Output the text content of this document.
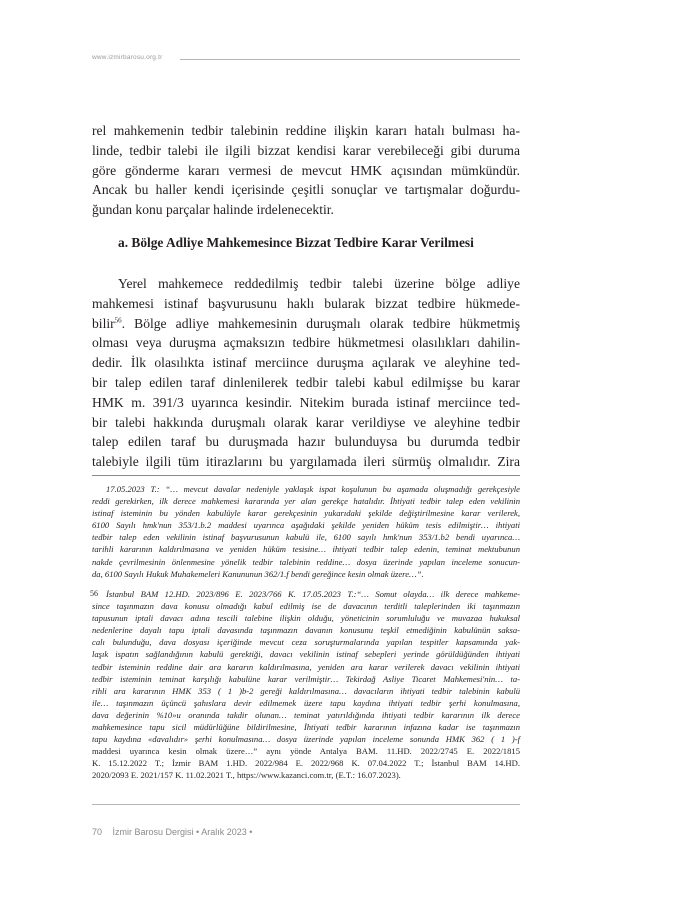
www.izmirbarosu.org.tr
rel mahkemenin tedbir talebinin reddine ilişkin kararı hatalı bulması ha-
linde, tedbir talebi ile ilgili bizzat kendisi karar verebileceği gibi duruma
göre gönderme kararı vermesi de mevcut HMK açısından mümkündür.
Ancak bu haller kendi içerisinde çeşitli sonuçlar ve tartışmalar doğurdu-
ğundan konu parçalar halinde irdelenecektir.
a. Bölge Adliye Mahkemesince Bizzat Tedbire Karar Verilmesi
Yerel mahkemece reddedilmiş tedbir talebi üzerine bölge adliye
mahkemesi istinaf başvurusunu haklı bularak bizzat tedbire hükmede-
bilir$^{56}$. Bölge adliye mahkemesinin duruşmalı olarak tedbire hükmetmiş
olması veya duruşma açmaksızın tedbire hükmetmesi olasılıkları dahilin-
dedir. İlk olasılıkta istinaf merciince duruşma açılarak ve aleyhine ted-
bir talep edilen taraf dinlenilerek tedbir talebi kabul edilmişse bu karar
HMK m. 391/3 uyarınca kesindir. Nitekim burada istinaf merciince ted-
bir talebi hakkında duruşmalı olarak karar verildiyse ve aleyhine tedbir
talep edilen taraf bu duruşmada hazır bulunduysa bu durumda tedbir
talebiyle ilgili tüm itirazlarını bu yargılamada ileri sürmüş olmalıdır. Zira
17.05.2023 T.: “… mevcut davalar nedeniyle yaklaşık ispat koşulunun bu aşamada oluşmadığı gerekçesiyle
reddi gerekirken, ilk derece mahkemesi kararında yer alan gerekçe hatalıdır. İhtiyati tedbir talep eden vekilinin
istinaf isteminin bu yönden kabulüyle karar gerekçesinin yukarıdaki şekilde değiştirilmesine karar verilerek,
6100 Sayılı hmk'nun 353/1.b.2 maddesi uyarınca aşağıdaki şekilde yeniden hüküm tesis edilmiştir… ihtiyati
tedbir talep eden vekilinin istinaf başvurusunun kabulü ile, 6100 sayılı hmk'nun 353/1.b2 bendi uyarınca…
tarihli kararının kaldırılmasına ve yeniden hüküm tesisine… ihtiyati tedbir talep edenin, teminat mektubunun
nakde çevrilmesinin önlenmesine yönelik tedbir talebinin reddine… dosya üzerinde yapılan inceleme sonucun-
da, 6100 Sayılı Hukuk Muhakemeleri Kanununun 362/1.f bendi gereğince kesin olmak üzere…”.
56 İstanbul BAM 12.HD. 2023/896 E. 2023/766 K. 17.05.2023 T.:“… Somut olayda… ilk derece mahkeme-
since taşınmazın dava konusu olmadığı kabul edilmiş ise de davacının terditli taleplerinden iki taşınmazın
tapusunun iptali davacı adına tescili talebine ilişkin olduğu, yöneticinin sorumluluğu ve muvazaa hukuksal
nedenlerine dayalı tapu iptali davasında taşınmazın davanın konusunu teşkil etmediğinin kabulünün saksa-
calı bulunduğu, dava dosyası içeriğinde mevcut ceza soruşturmalarında yapılan tespitler kapsamında yak-
laşık ispatın sağlandığının kabulü gerektiği, davacı vekilinin istinaf sebepleri yerinde görüldüğünden ihtiyati
tedbir isteminin reddine dair ara kararın kaldırılmasına, yeniden ara karar verilerek davacı vekilinin ihtiyati
tedbir isteminin teminat karşılığı kabulüne karar verilmiştir… Tekirdağ Asliye Ticaret Mahkemesi'nin… ta-
rihli ara kararının HMK 353 ( 1 )b-2 gereği kaldırılmasına… davacıların ihtiyati tedbir talebinin kabulü
ile… taşınmazın üçüncü şahıslara devir edilmemek üzere tapu kaydına ihtiyati tedbir şerhi konulmasına,
dava değerinin %10»u oranında takdir olunan… teminat yatırıldığında ihtiyati tedbir kararının ilk derece
mahkemesince tapu sicil müdürlüğüne bildirilmesine, İhtiyati tedbir kararının infazına kadar ise taşınmazın
tapu kaydına «davalıdır» şerhi konulmasına… dosya üzerinde yapılan inceleme sonunda HMK 362 ( 1 )-f
maddesi uyarınca kesin olmak üzere…” aynı yönde Antalya BAM. 11.HD. 2022/2745 E. 2022/1815
K. 15.12.2022 T.; İzmir BAM 1.HD. 2022/984 E. 2022/968 K. 07.04.2022 T.; İstanbul BAM 14.HD.
2020/2093 E. 2021/157 K. 11.02.2021 T., https://www.kazanci.com.tr, (E.T.: 16.07.2023).
70 İzmir Barosu Dergisi • Aralık 2023 •
